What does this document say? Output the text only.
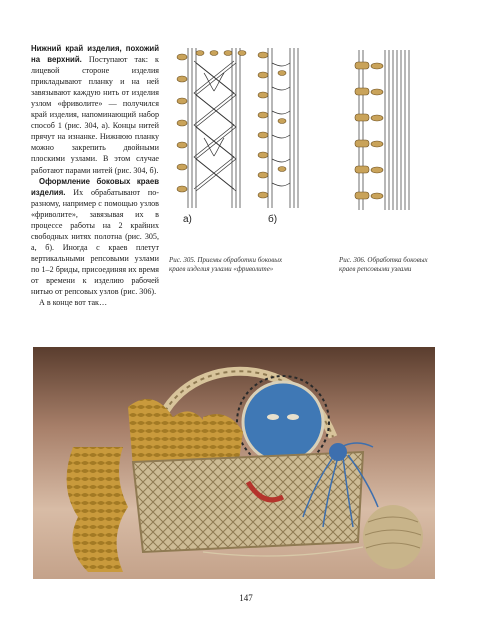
Нижний край изделия, похожий на верхний. Поступают так: к лицевой стороне изделия прикладывают планку и на ней завязывают каждую нить от изделия узлом «фриволите» — получился край изделия, напоминающий набор способ 1 (рис. 304, а). Концы нитей прячут на изнанке. Нижнюю планку можно закрепить двойными плоскими узлами. В этом случае работают парами нитей (рис. 304, б).

Оформление боковых краев изделия. Их обрабатывают по-разному, например с помощью узлов «фриволите», завязывая их в процессе работы на 2 крайних свободных нитях полотна (рис. 305, а, б). Иногда с краев плетут вертикальными репсовыми узлами по 1–2 бриды, присоединяя их время от времени к изделию рабочей нитью от репсовых узлов (рис. 306).

А в конце вот так…

а)	б)
Рис. 305. Приемы обработки боковых краев изделия узлами «фриволите»
Рис. 306. Обработка боковых краев репсовыми узлами
147
